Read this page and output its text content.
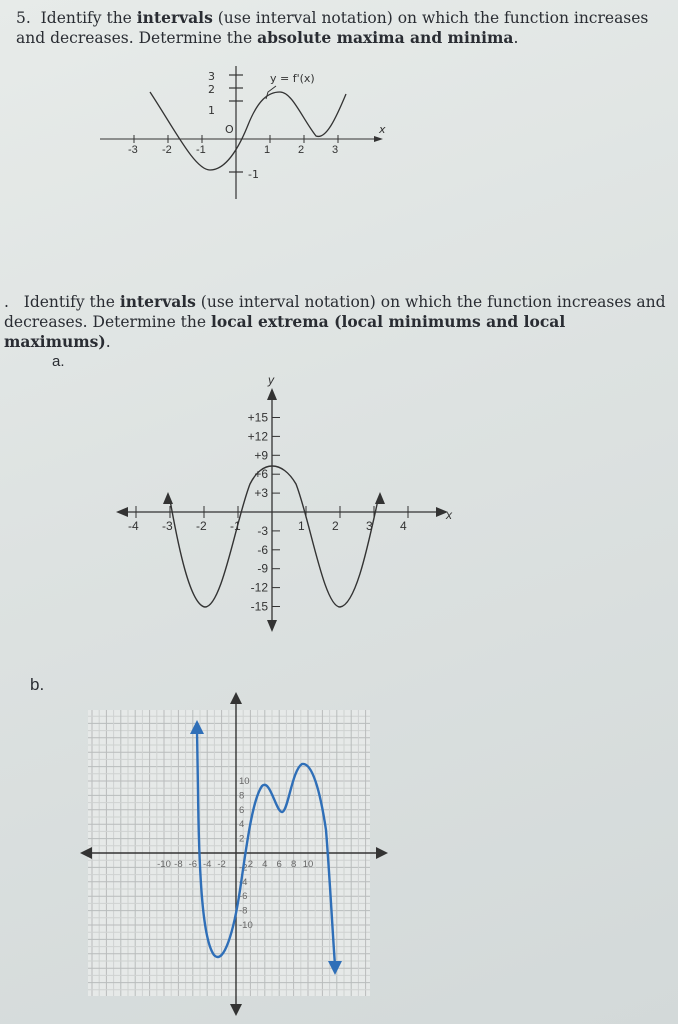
5. Identify the intervals (use interval notation) on which the function increases and decreases. Determine the absolute maxima and minima.
. Identify the intervals (use interval notation) on which the function increases and decreases. Determine the local extrema (local minimums and local maximums).
a.
b.
x
3
2
1
-1
O
-3 -2 -1	1	2	3
y = f'(x)
x
y
-4 -3 -2 -1	1 2 3 4
+15
+12
+9
+6
+3
-3
-6
-9
-12
-15
-10 -8 -6 -4 -2 2 4 6 8 10
10
8
6
4
2
-2
-4
-6
-8
-10
